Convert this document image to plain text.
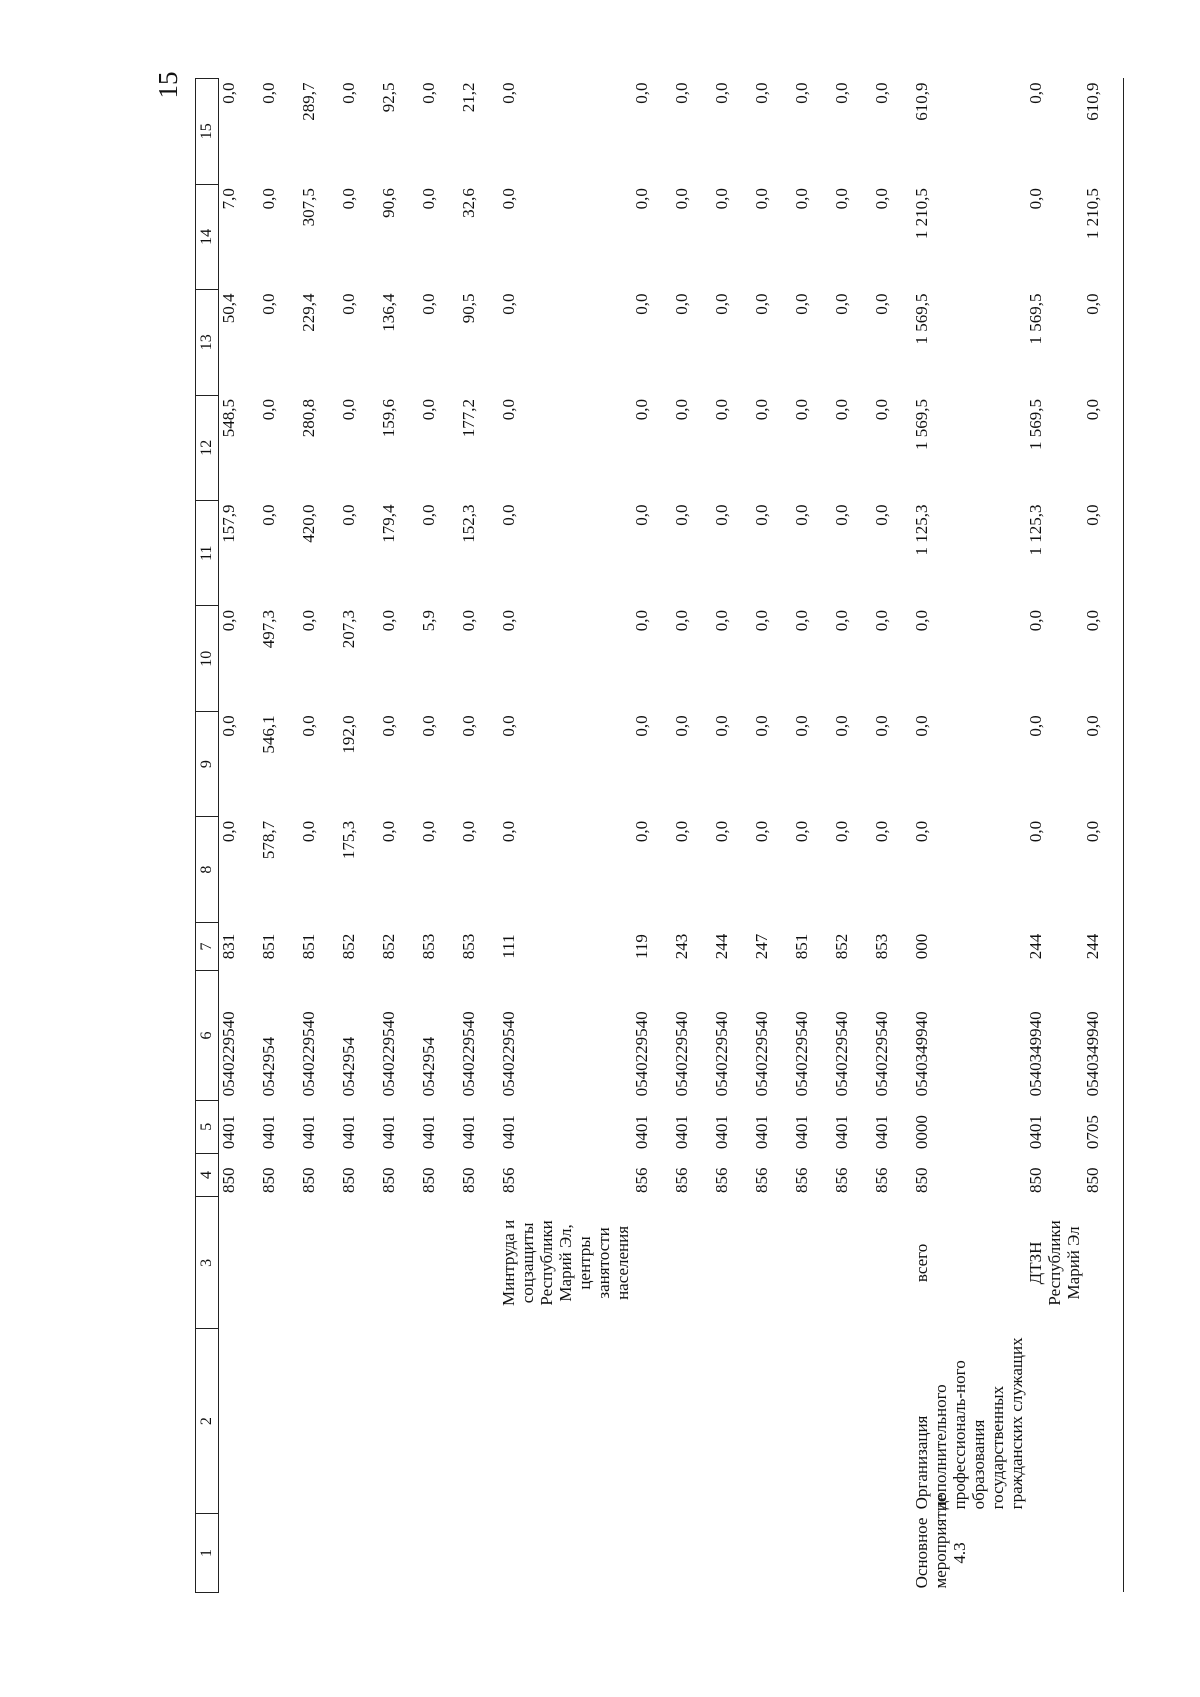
15
1	2	3	4	5	6	7	8	9	10	11	12	13	14	15
			850	0401	0540229540	831	0,0	0,0	0,0	157,9	548,5	50,4	7,0	0,0
			850	0401	0542954	851	578,7	546,1	497,3	0,0	0,0	0,0	0,0	0,0
			850	0401	0540229540	851	0,0	0,0	0,0	420,0	280,8	229,4	307,5	289,7
			850	0401	0542954	852	175,3	192,0	207,3	0,0	0,0	0,0	0,0	0,0
			850	0401	0540229540	852	0,0	0,0	0,0	179,4	159,6	136,4	90,6	92,5
			850	0401	0542954	853	0,0	0,0	5,9	0,0	0,0	0,0	0,0	0,0
			850	0401	0540229540	853	0,0	0,0	0,0	152,3	177,2	90,5	32,6	21,2
		Минтруда и соцзащиты Республики Марий Эл, центры занятости населения	856	0401	0540229540	111	0,0	0,0	0,0	0,0	0,0	0,0	0,0	0,0
			856	0401	0540229540	119	0,0	0,0	0,0	0,0	0,0	0,0	0,0	0,0
			856	0401	0540229540	243	0,0	0,0	0,0	0,0	0,0	0,0	0,0	0,0
			856	0401	0540229540	244	0,0	0,0	0,0	0,0	0,0	0,0	0,0	0,0
			856	0401	0540229540	247	0,0	0,0	0,0	0,0	0,0	0,0	0,0	0,0
			856	0401	0540229540	851	0,0	0,0	0,0	0,0	0,0	0,0	0,0	0,0
			856	0401	0540229540	852	0,0	0,0	0,0	0,0	0,0	0,0	0,0	0,0
			856	0401	0540229540	853	0,0	0,0	0,0	0,0	0,0	0,0	0,0	0,0
Основное мероприятие 4.3	Организация дополнительного профессиональ-ного образования государственных гражданских служащих	всего	850	0000	0540349940	000	0,0	0,0	0,0	1 125,3	1 569,5	1 569,5	1 210,5	610,9
		ДТЗН Республики Марий Эл	850	0401	0540349940	244	0,0	0,0	0,0	1 125,3	1 569,5	1 569,5	0,0	0,0
			850	0705	0540349940	244	0,0	0,0	0,0	0,0	0,0	0,0	1 210,5	610,9
